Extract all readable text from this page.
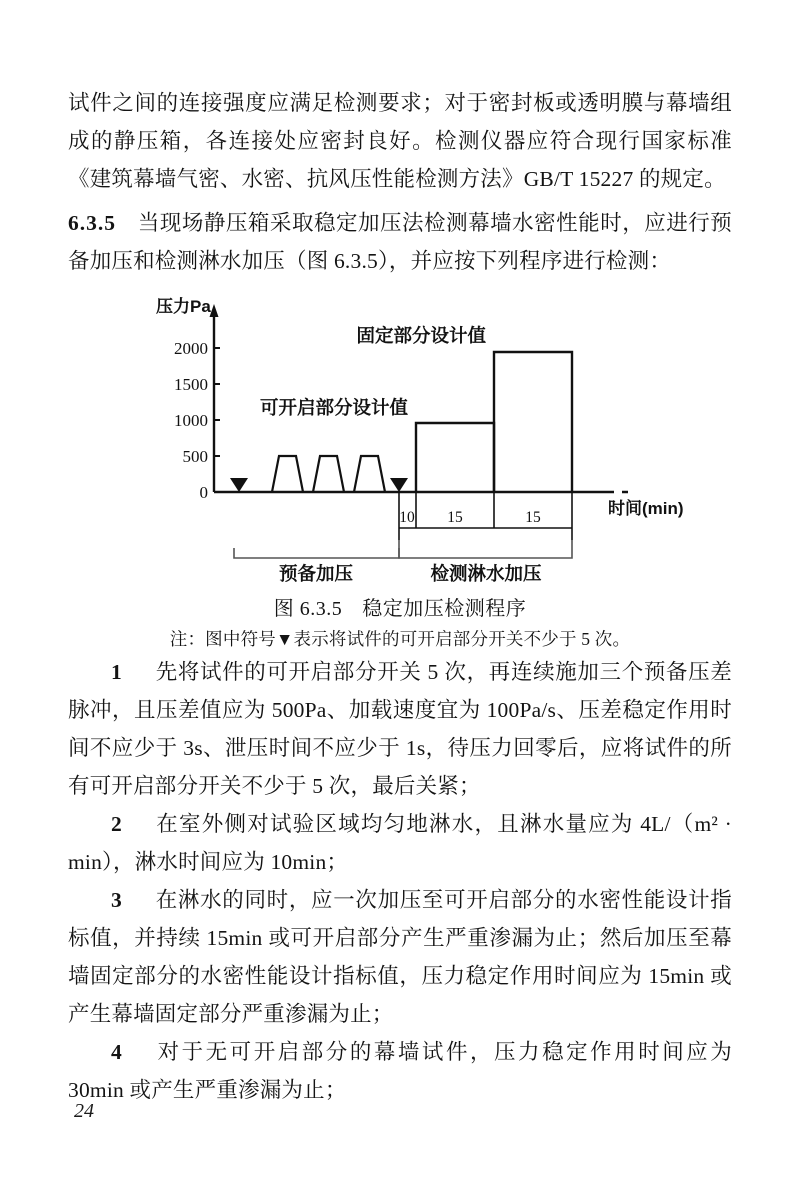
试件之间的连接强度应满足检测要求；对于密封板或透明膜与幕墙组成的静压箱，各连接处应密封良好。检测仪器应符合现行国家标准《建筑幕墙气密、水密、抗风压性能检测方法》GB/T 15227 的规定。

6.3.5 当现场静压箱采取稳定加压法检测幕墙水密性能时，应进行预备加压和检测淋水加压（图 6.3.5），并应按下列程序进行检测：

压力Pa
0
500
1000
1500
2000
可开启部分设计值
固定部分设计值
10 15	15	时间(min)
预备加压	检测淋水加压

图 6.3.5 稳定加压检测程序

注：图中符号▼表示将试件的可开启部分开关不少于 5 次。

1 先将试件的可开启部分开关 5 次，再连续施加三个预备压差脉冲，且压差值应为 500Pa、加载速度宜为 100Pa/s、压差稳定作用时间不应少于 3s、泄压时间不应少于 1s，待压力回零后，应将试件的所有可开启部分开关不少于 5 次，最后关紧；

2 在室外侧对试验区域均匀地淋水，且淋水量应为 4L/（m² · min），淋水时间应为 10min；

3 在淋水的同时，应一次加压至可开启部分的水密性能设计指标值，并持续 15min 或可开启部分产生严重渗漏为止；然后加压至幕墙固定部分的水密性能设计指标值，压力稳定作用时间应为 15min 或产生幕墙固定部分严重渗漏为止；

4 对于无可开启部分的幕墙试件，压力稳定作用时间应为 30min 或产生严重渗漏为止；

24
